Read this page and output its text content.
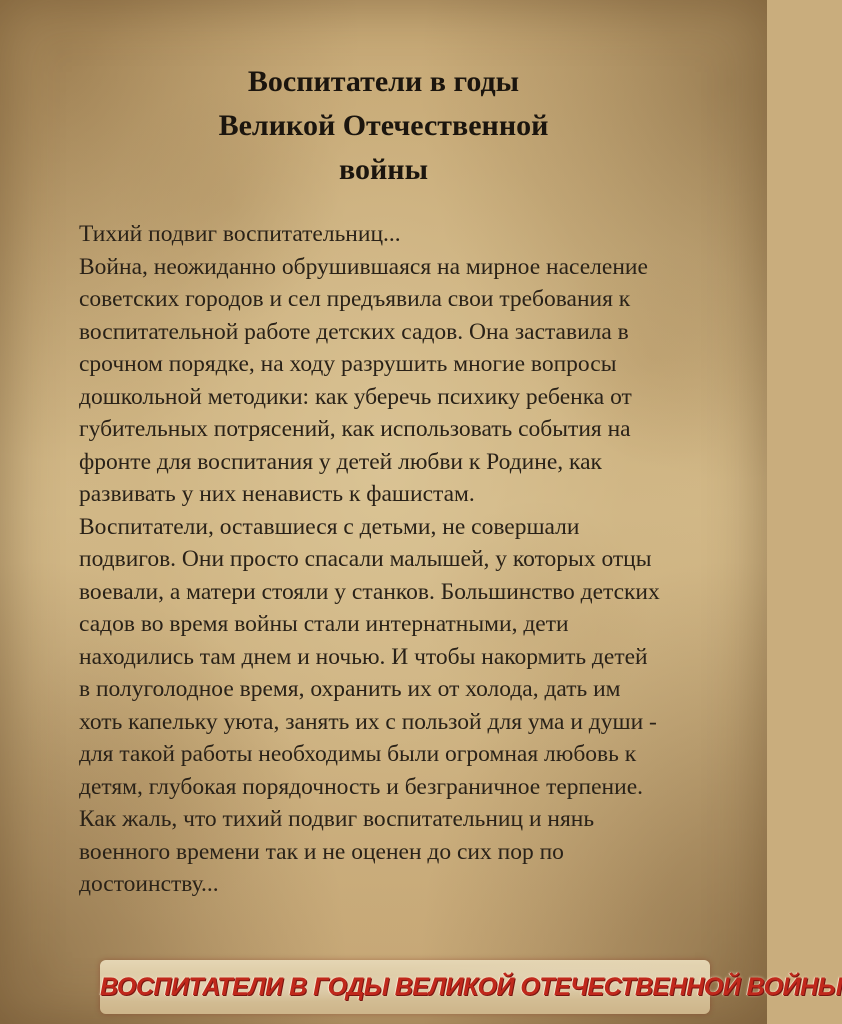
Воспитатели в годы
Великой Отечественной
войны
Тихий подвиг воспитательниц...
Война, неожиданно обрушившаяся на мирное население
советских городов и сел предъявила свои требования к
воспитательной работе детских садов. Она заставила в
срочном порядке, на ходу разрушить многие вопросы
дошкольной методики: как уберечь психику ребенка от
губительных потрясений, как использовать события на
фронте для воспитания у детей любви к Родине, как
развивать у них ненависть к фашистам.
Воспитатели, оставшиеся с детьми, не совершали
подвигов. Они просто спасали малышей, у которых отцы
воевали, а матери стояли у станков. Большинство детских
садов во время войны стали интернатными, дети
находились там днем и ночью. И чтобы накормить детей
в полуголодное время, охранить их от холода, дать им
хоть капельку уюта, занять их с пользой для ума и души -
для такой работы необходимы были огромная любовь к
детям, глубокая порядочность и безграничное терпение.
Как жаль, что тихий подвиг воспитательниц и нянь
военного времени так и не оценен до сих пор по
достоинству...

ВОСПИТАТЕЛИ В ГОДЫ ВЕЛИКОЙ ОТЕЧЕСТВЕННОЙ ВОЙНЫ
